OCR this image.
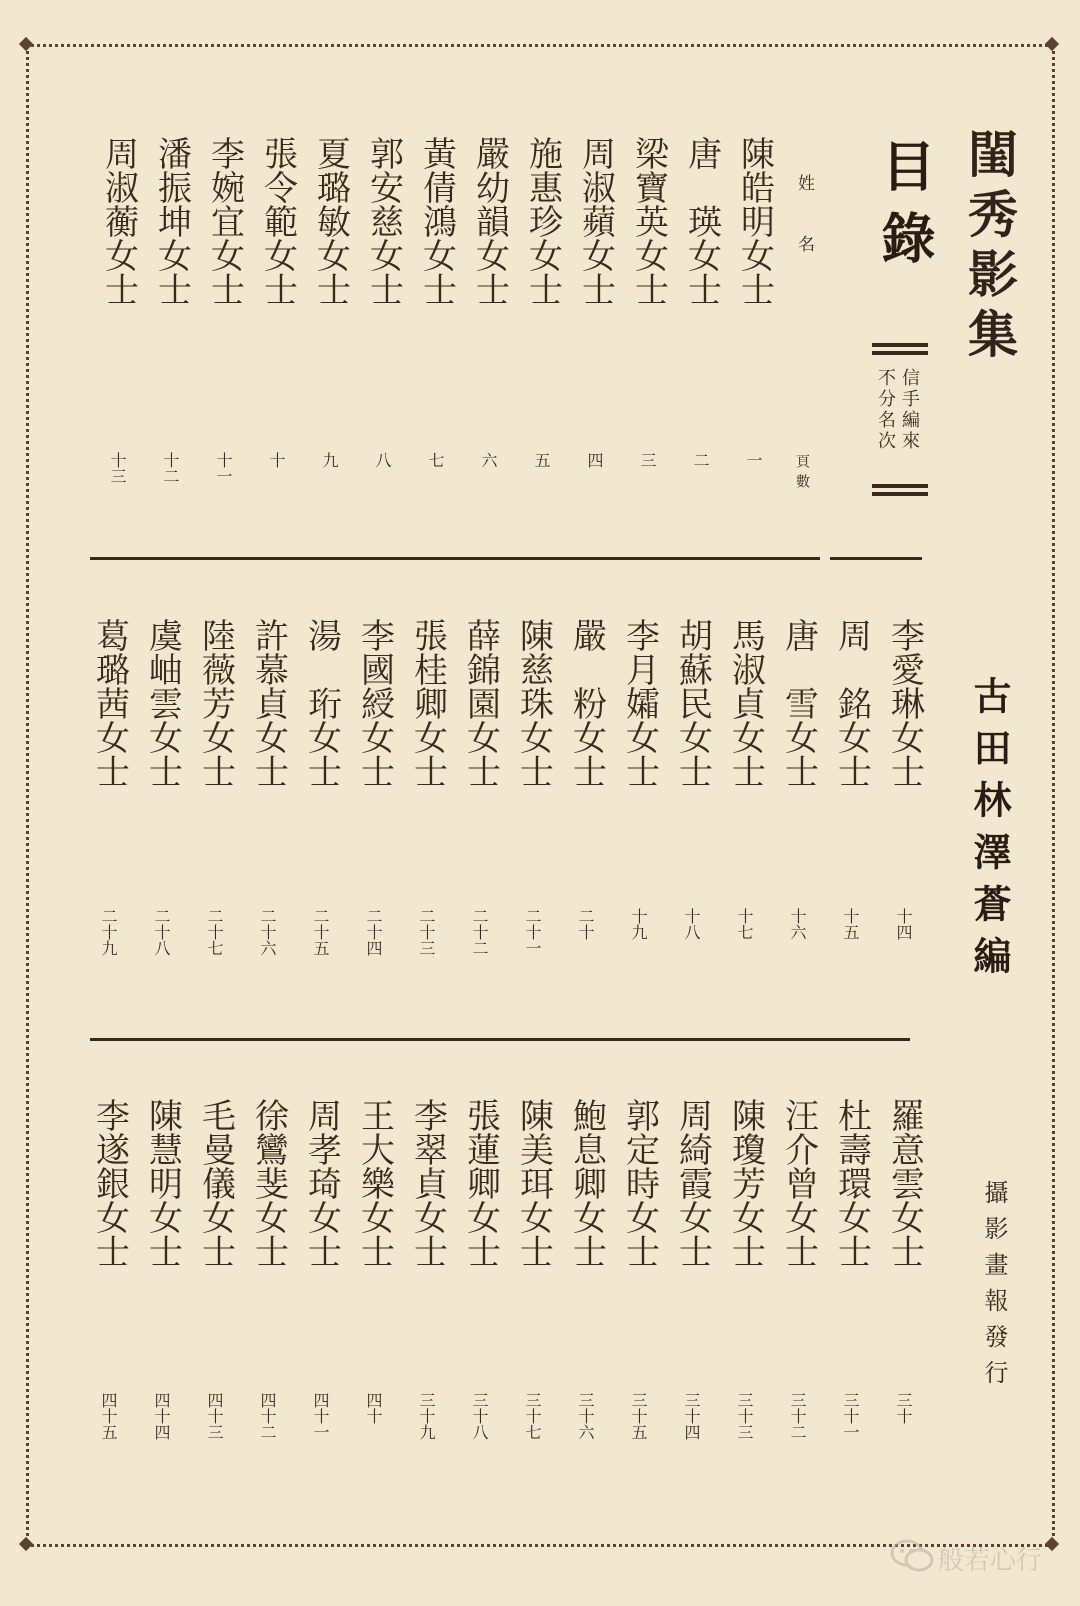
閨秀影集
目錄
姓名
頁數
信手編來
不分名次
古田林澤蒼編
攝影畫報發行
陳皓明女士
一
唐　瑛女士
二
梁寶英女士
三
周淑蘋女士
四
施惠珍女士
五
嚴幼韻女士
六
黃倩鴻女士
七
郭安慈女士
八
夏璐敏女士
九
張令範女士
十
李婉宜女士
十一
潘振坤女士
十二
周淑蘅女士
十三
李愛琳女士
十四
周　銘女士
十五
唐　雪女士
十六
馬淑貞女士
十七
胡蘇民女士
十八
李月孀女士
十九
嚴　粉女士
二十
陳慈珠女士
二十一
薛錦園女士
二十二
張桂卿女士
二十三
李國綬女士
二十四
湯　珩女士
二十五
許慕貞女士
二十六
陸薇芳女士
二十七
虞岫雲女士
二十八
葛璐茜女士
二十九
羅意雲女士
三十
杜壽環女士
三十一
汪介曾女士
三十二
陳瓊芳女士
三十三
周綺霞女士
三十四
郭定時女士
三十五
鮑息卿女士
三十六
陳美珥女士
三十七
張蓮卿女士
三十八
李翠貞女士
三十九
王大樂女士
四十
周孝琦女士
四十一
徐鸞斐女士
四十二
毛曼儀女士
四十三
陳慧明女士
四十四
李遂銀女士
四十五
般若心行
